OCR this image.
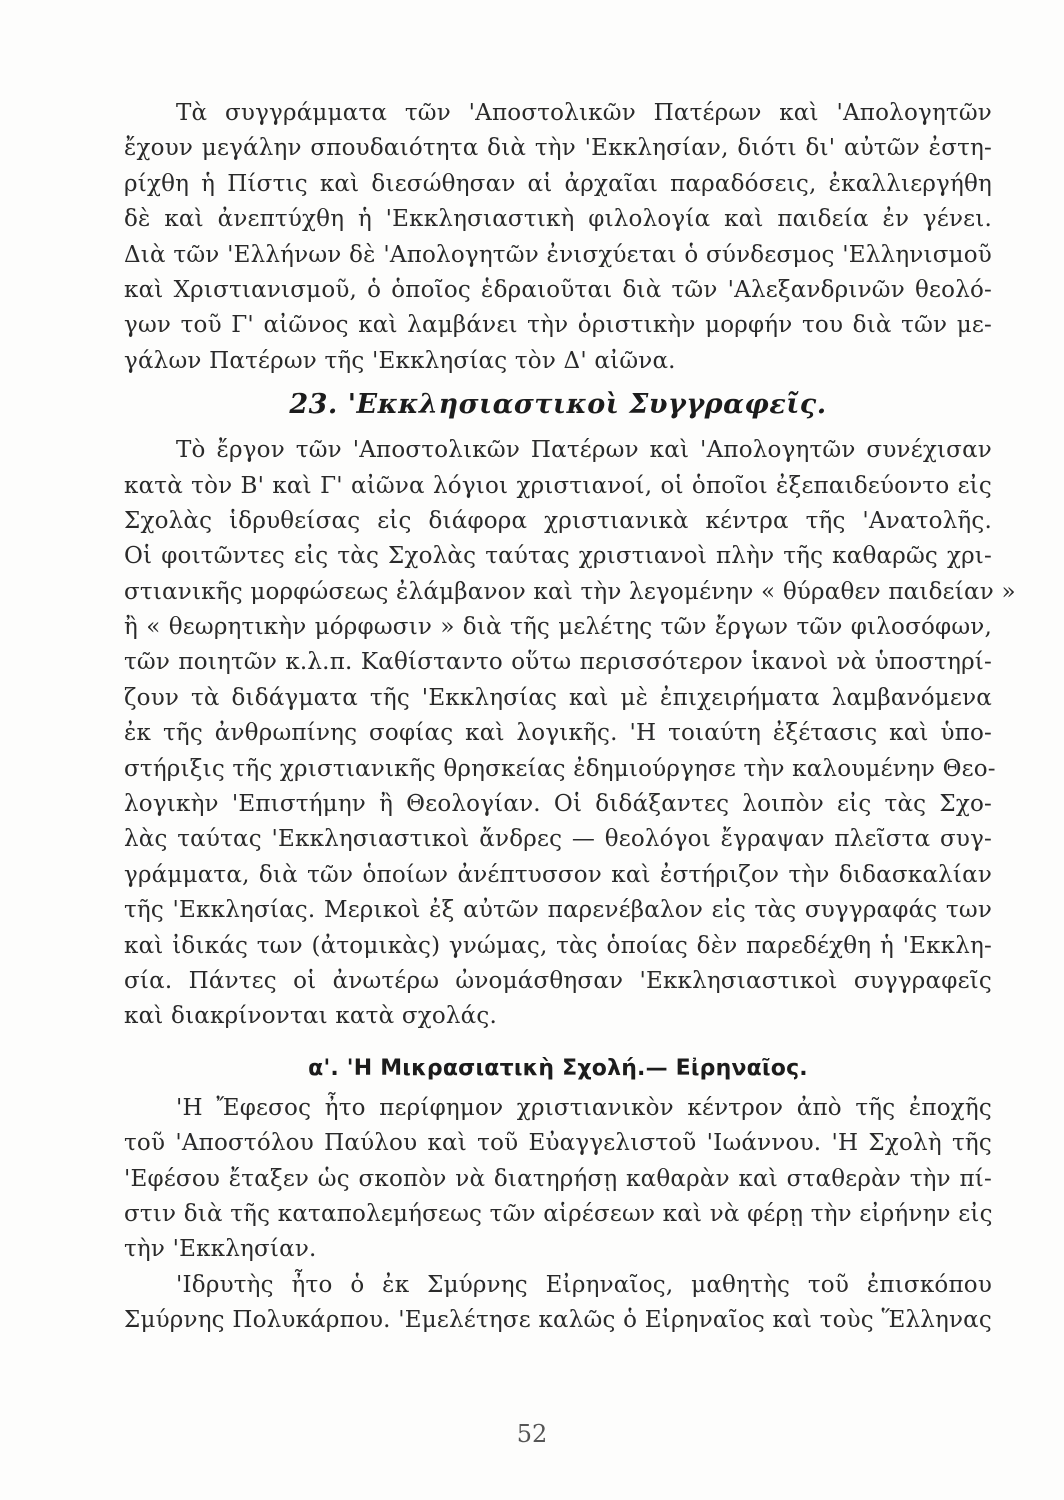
Τὰ συγγράμματα τῶν 'Αποστολικῶν Πατέρων καὶ 'Απολογητῶν
ἔχουν μεγάλην σπουδαιότητα διὰ τὴν 'Εκκλησίαν, διότι δι' αὐτῶν ἐστη-
ρίχθη ἡ Πίστις καὶ διεσώθησαν αἱ ἀρχαῖαι παραδόσεις, ἐκαλλιεργήθη
δὲ καὶ ἀνεπτύχθη ἡ 'Εκκλησιαστικὴ φιλολογία καὶ παιδεία ἐν γένει.
Διὰ τῶν 'Ελλήνων δὲ 'Απολογητῶν ἐνισχύεται ὁ σύνδεσμος 'Ελληνισμοῦ
καὶ Χριστιανισμοῦ, ὁ ὁποῖος ἑδραιοῦται διὰ τῶν 'Αλεξανδρινῶν θεολό-
γων τοῦ Γ' αἰῶνος καὶ λαμβάνει τὴν ὁριστικὴν μορφήν του διὰ τῶν με-
γάλων Πατέρων τῆς 'Εκκλησίας τὸν Δ' αἰῶνα.
23. 'Εκκλησιαστικοὶ Συγγραφεῖς.
Τὸ ἔργον τῶν 'Αποστολικῶν Πατέρων καὶ 'Απολογητῶν συνέχισαν
κατὰ τὸν Β' καὶ Γ' αἰῶνα λόγιοι χριστιανοί, οἱ ὁποῖοι ἐξεπαιδεύοντο εἰς
Σχολὰς ἱδρυθείσας εἰς διάφορα χριστιανικὰ κέντρα τῆς 'Ανατολῆς.
Οἱ φοιτῶντες εἰς τὰς Σχολὰς ταύτας χριστιανοὶ πλὴν τῆς καθαρῶς χρι-
στιανικῆς μορφώσεως ἐλάμβανον καὶ τὴν λεγομένην « θύραθεν παιδείαν »
ἢ « θεωρητικὴν μόρφωσιν » διὰ τῆς μελέτης τῶν ἔργων τῶν φιλοσόφων,
τῶν ποιητῶν κ.λ.π. Καθίσταντο οὕτω περισσότερον ἱκανοὶ νὰ ὑποστηρί-
ζουν τὰ διδάγματα τῆς 'Εκκλησίας καὶ μὲ ἐπιχειρήματα λαμβανόμενα
ἐκ τῆς ἀνθρωπίνης σοφίας καὶ λογικῆς. 'Η τοιαύτη ἐξέτασις καὶ ὑπο-
στήριξις τῆς χριστιανικῆς θρησκείας ἐδημιούργησε τὴν καλουμένην Θεο-
λογικὴν 'Επιστήμην ἢ Θεολογίαν. Οἱ διδάξαντες λοιπὸν εἰς τὰς Σχο-
λὰς ταύτας 'Εκκλησιαστικοὶ ἄνδρες — θεολόγοι ἔγραψαν πλεῖστα συγ-
γράμματα, διὰ τῶν ὁποίων ἀνέπτυσσον καὶ ἐστήριζον τὴν διδασκαλίαν
τῆς 'Εκκλησίας. Μερικοὶ ἐξ αὐτῶν παρενέβαλον εἰς τὰς συγγραφάς των
καὶ ἰδικάς των (ἀτομικὰς) γνώμας, τὰς ὁποίας δὲν παρεδέχθη ἡ 'Εκκλη-
σία. Πάντες οἱ ἀνωτέρω ὠνομάσθησαν 'Εκκλησιαστικοὶ συγγραφεῖς
καὶ διακρίνονται κατὰ σχολάς.
α'. 'Η Μικρασιατικὴ Σχολή.— Εἰρηναῖος.
'Η Ἔφεσος ἦτο περίφημον χριστιανικὸν κέντρον ἀπὸ τῆς ἐποχῆς
τοῦ 'Αποστόλου Παύλου καὶ τοῦ Εὐαγγελιστοῦ 'Ιωάννου. 'Η Σχολὴ τῆς
'Εφέσου ἔταξεν ὡς σκοπὸν νὰ διατηρήσῃ καθαρὰν καὶ σταθερὰν τὴν πί-
στιν διὰ τῆς καταπολεμήσεως τῶν αἱρέσεων καὶ νὰ φέρῃ τὴν εἰρήνην εἰς
τὴν 'Εκκλησίαν.
'Ιδρυτὴς ἦτο ὁ ἐκ Σμύρνης Εἰρηναῖος, μαθητὴς τοῦ ἐπισκόπου
Σμύρνης Πολυκάρπου. 'Εμελέτησε καλῶς ὁ Εἰρηναῖος καὶ τοὺς Ἕλληνας
52
